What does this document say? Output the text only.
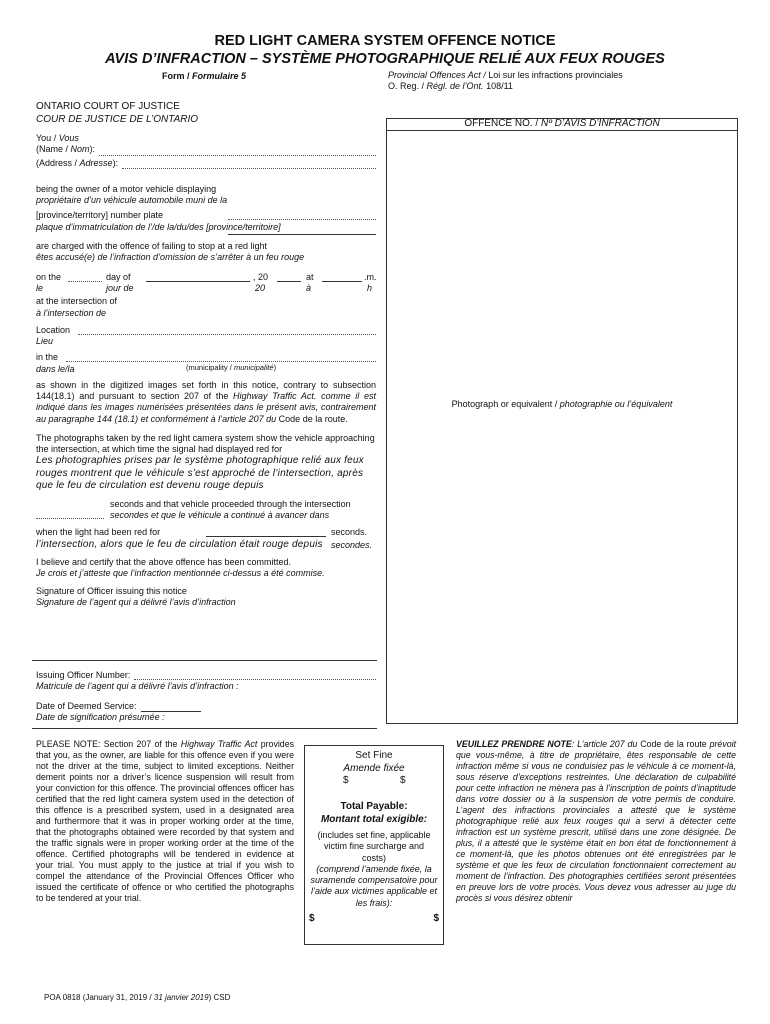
RED LIGHT CAMERA SYSTEM OFFENCE NOTICE
AVIS D’INFRACTION – SYSTÈME PHOTOGRAPHIQUE RELIÉ AUX FEUX ROUGES
Form / Formulaire 5	Provincial Offences Act / Loi sur les infractions provinciales
O. Reg. / Régl. de l’Ont. 108/11
ONTARIO COURT OF JUSTICE
COUR DE JUSTICE DE L’ONTARIO	OFFENCE NO. / Nº D’AVIS D’INFRACTION
Photograph or equivalent / photographie ou l’équivalent
You / Vous
(Name / Nom):
(Address / Adresse):
being the owner of a motor vehicle displaying
propriétaire d’un véhicule automobile muni de la
[province/territory] number plate
plaque d’immatriculation de l’/de la/du/des [province/territoire]
are charged with the offence of failing to stop at a red light
êtes accusé(e) de l’infraction d’omission de s’arrêter à un feu rouge
on the
le
day of
jour de
, 20
20
at
à
.m.
h
at the intersection of
à l’intersection de
Location
Lieu
in the
dans le/la	(municipality / municipalité)
as shown in the digitized images set forth in this notice, contrary to subsection 144(18.1) and pursuant to section 207 of the Highway Traffic Act. comme il est indiqué dans les images numérisées présentées dans le présent avis, contrairement au paragraphe 144 (18.1) et conformément à l’article 207 du Code de la route.
The photographs taken by the red light camera system show the vehicle approaching the intersection, at which time the signal had displayed red for
Les photographies prises par le système photographique relié aux feux rouges montrent que le véhicule s’est approché de l’intersection, après que le feu de circulation est devenu rouge depuis
seconds and that vehicle proceeded through the intersection
secondes et que le véhicule a continué à avancer dans
when the light had been red for
l’intersection, alors que le feu de circulation était rouge depuis
seconds.
secondes.
I believe and certify that the above offence has been committed.
Je crois et j’atteste que l’infraction mentionnée ci-dessus a été commise.
Signature of Officer issuing this notice
Signature de l’agent qui a délivré l’avis d’infraction
Issuing Officer Number:
Matricule de l’agent qui a délivré l’avis d’infraction :
Date of Deemed Service:
Date de signification présumée :
PLEASE NOTE: Section 207 of the Highway Traffic Act provides that you, as the owner, are liable for this offence even if you were not the driver at the time, subject to limited exceptions. Neither demerit points nor a driver’s licence suspension will result from your conviction for this offence. The provincial offences officer has certified that the red light camera system used in the detection of this offence is a prescribed system, used in a designated area and furthermore that it was in proper working order at the time, that the photographs obtained were recorded by that system and the traffic signals were in proper working order at the time of the offence. Certified photographs will be tendered in evidence at your trial. You must apply to the justice at trial if you wish to compel the attendance of the Provincial Offences Officer who issued the certificate of offence or who certified the photographs to be tendered at your trial.
Set Fine
Amende fixée
$	$
Total Payable:
Montant total exigible:
(includes set fine, applicable victim fine surcharge and costs)
(comprend l’amende fixée, la suramende compensatoire pour l’aide aux victimes applicable et les frais):
$	$
VEUILLEZ PRENDRE NOTE: L’article 207 du Code de la route prévoit que vous-même, à titre de propriétaire, êtes responsable de cette infraction même si vous ne conduisiez pas le véhicule à ce moment-là, sous réserve d’exceptions restreintes. Une déclaration de culpabilité pour cette infraction ne mènera pas à l’inscription de points d’inaptitude dans votre dossier ou à la suspension de votre permis de conduire. L’agent des infractions provinciales a attesté que le système photographique relié aux feux rouges qui a servi à détecter cette infraction est un système prescrit, utilisé dans une zone désignée. De plus, il a attesté que le système était en bon état de fonctionnement à ce moment-là, que les photos obtenues ont été enregistrées par le système et que les feux de circulation fonctionnaient correctement au moment de l’infraction. Des photographies certifiées seront présentées en preuve lors de votre procès. Vous devez vous adresser au juge du procès si vous désirez obtenir
POA 0818 (January 31, 2019 / 31 janvier 2019) CSD
